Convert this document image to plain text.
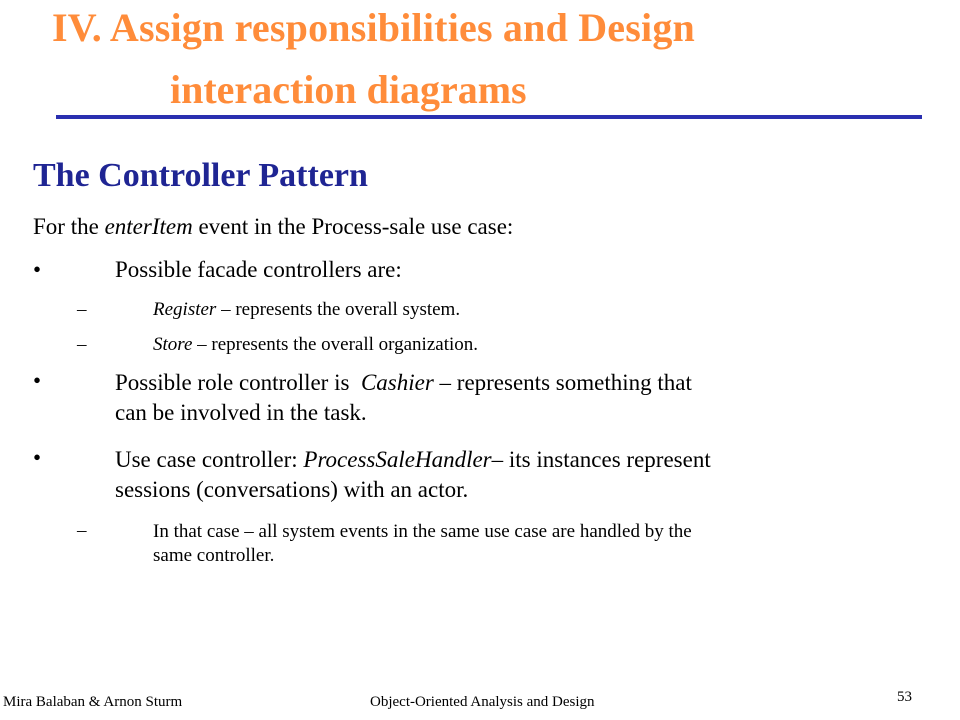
IV. Assign responsibilities and Design
interaction diagrams
The Controller Pattern
For the enterItem event in the Process-sale use case:
•	Possible facade controllers are:
–	Register – represents the overall system.
–	Store – represents the overall organization.
•	Possible role controller is  Cashier – represents something that
can be involved in the task.
•	Use case controller: ProcessSaleHandler– its instances represent
sessions (conversations) with an actor.
–	In that case – all system events in the same use case are handled by the
same controller.
Mira Balaban & Arnon Sturm	Object-Oriented Analysis and Design	53
